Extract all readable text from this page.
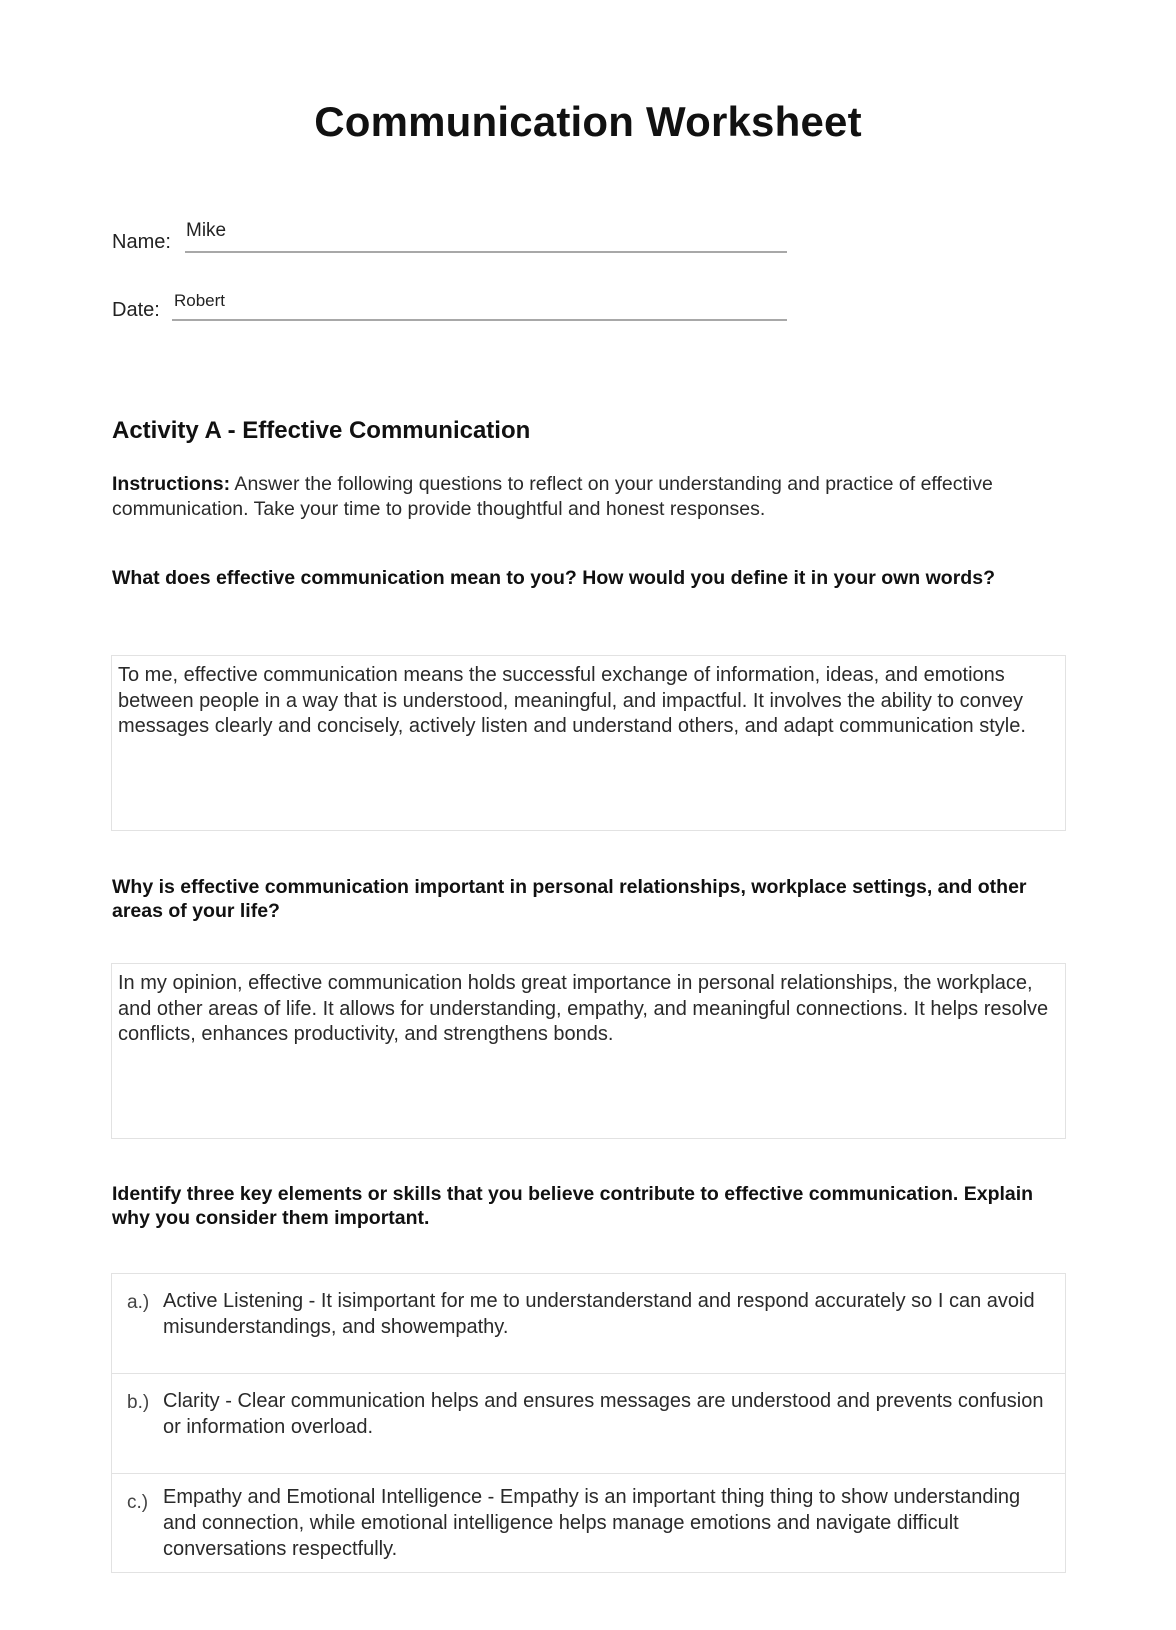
Communication Worksheet
Name:
Mike
Date: Robert
Activity A - Effective Communication
Instructions: Answer the following questions to reflect on your understanding and practice of effective communication. Take your time to provide thoughtful and honest responses.
What does effective communication mean to you? How would you define it in your own words?
To me, effective communication means the successful exchange of information, ideas, and emotions between people in a way that is understood, meaningful, and impactful. It involves the ability to convey messages clearly and concisely, actively listen and understand others, and adapt communication style.
Why is effective communication important in personal relationships, workplace settings, and other areas of your life?
In my opinion, effective communication holds great importance in personal relationships, the workplace, and other areas of life. It allows for understanding, empathy, and meaningful connections. It helps resolve conflicts, enhances productivity, and strengthens bonds.
Identify three key elements or skills that you believe contribute to effective communication. Explain why you consider them important.
a.) Active Listening - It isimportant for me to understanderstand and respond accurately so I can avoid misunderstandings, and showempathy.
b.) Clarity - Clear communication helps and ensures messages are understood and prevents confusion or information overload.
c.) Empathy and Emotional Intelligence - Empathy is an important thing thing to show understanding and connection, while emotional intelligence helps manage emotions and navigate difficult conversations respectfully.
